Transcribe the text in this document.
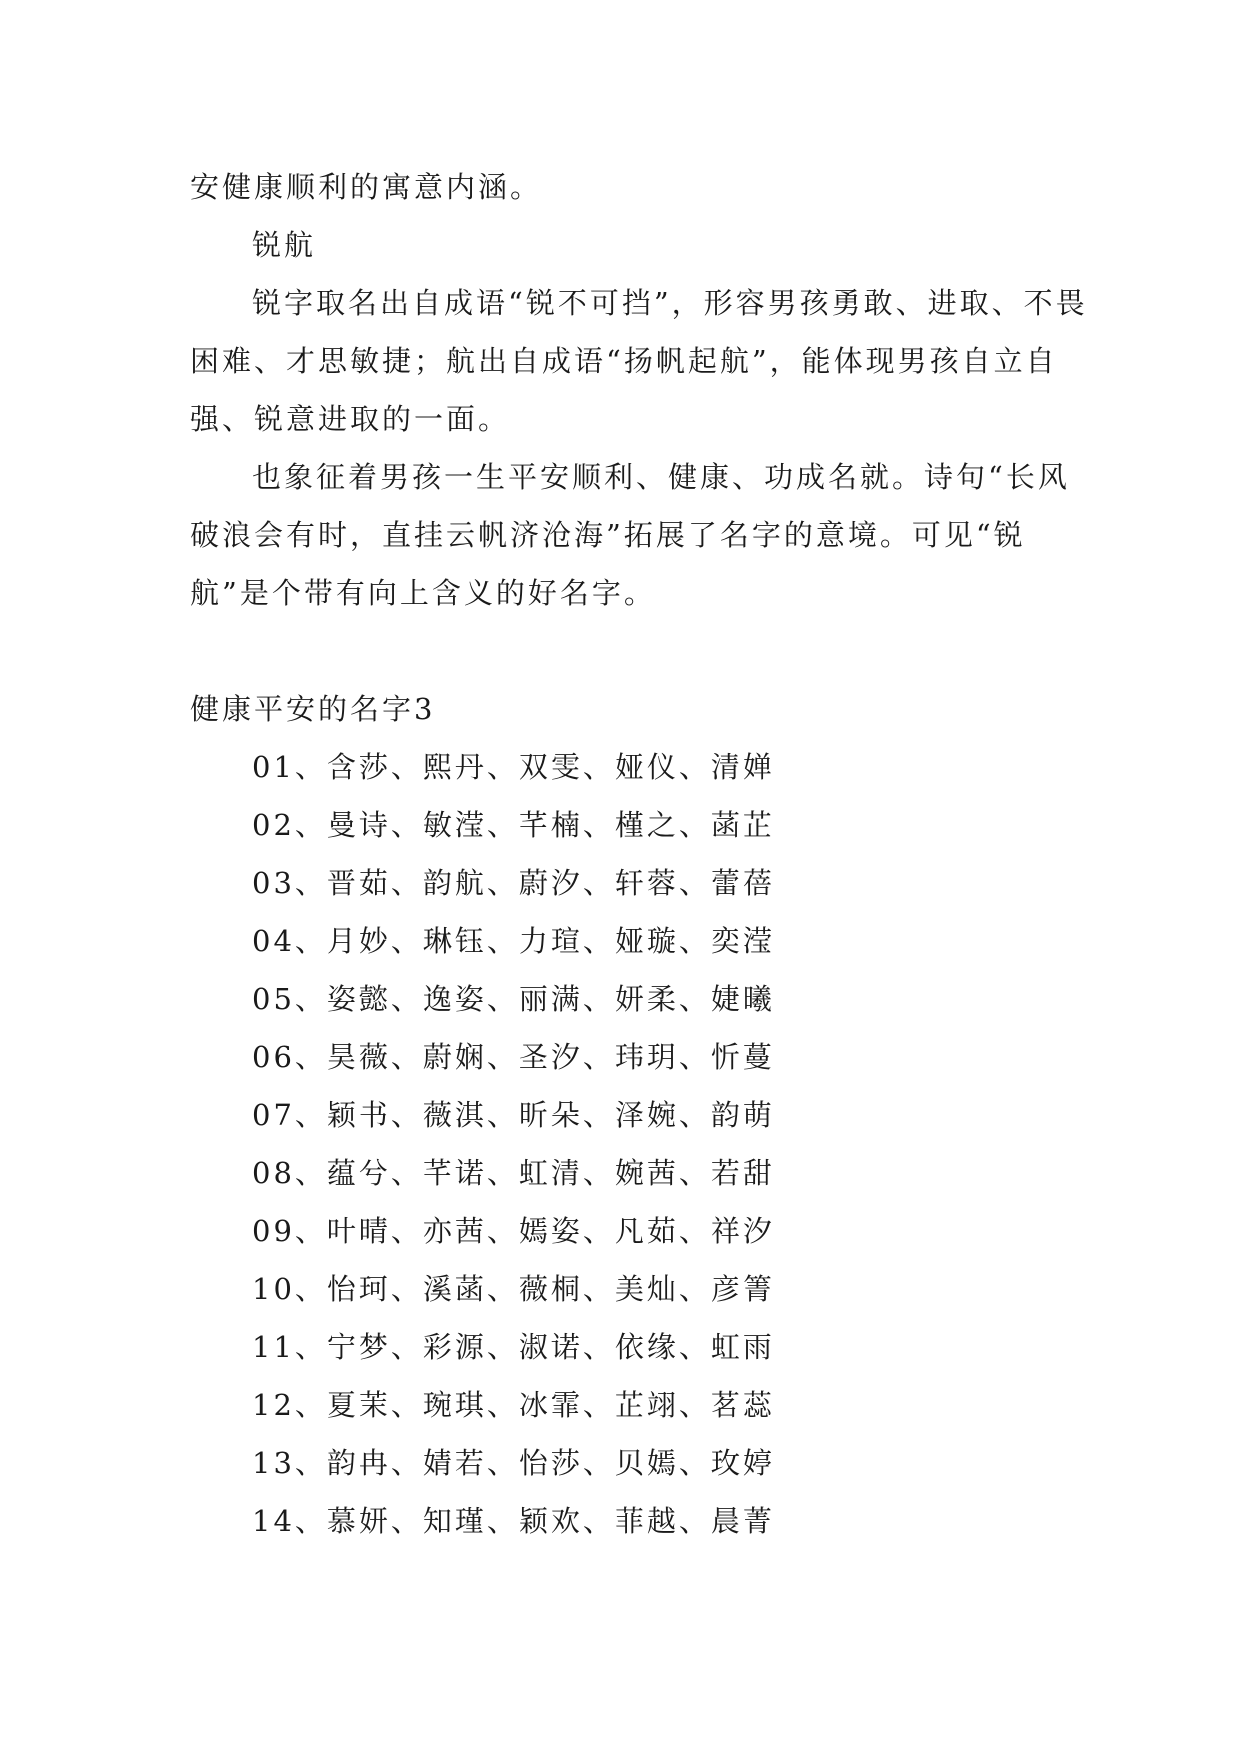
安健康顺利的寓意内涵。
锐航
锐字取名出自成语“锐不可挡”，形容男孩勇敢、进取、不畏困难、才思敏捷；航出自成语“扬帆起航”，能体现男孩自立自强、锐意进取的一面。
也象征着男孩一生平安顺利、健康、功成名就。诗句“长风破浪会有时，直挂云帆济沧海”拓展了名字的意境。可见“锐航”是个带有向上含义的好名字。
健康平安的名字3
01、含莎、熙丹、双雯、娅仪、清婵
02、曼诗、敏滢、芊楠、槿之、菡芷
03、晋茹、韵航、蔚汐、轩蓉、蕾蓓
04、月妙、琳钰、力瑄、娅璇、奕滢
05、姿懿、逸姿、丽满、妍柔、婕曦
06、昊薇、蔚娴、圣汐、玮玥、忻蔓
07、颖书、薇淇、昕朵、泽婉、韵萌
08、蕴兮、芊诺、虹清、婉茜、若甜
09、叶晴、亦茜、嫣姿、凡茹、祥汐
10、怡珂、溪菡、薇桐、美灿、彦箐
11、宁梦、彩源、淑诺、依缘、虹雨
12、夏茉、琬琪、冰霏、芷翊、茗蕊
13、韵冉、婧若、怡莎、贝嫣、玫婷
14、慕妍、知瑾、颖欢、菲越、晨菁
